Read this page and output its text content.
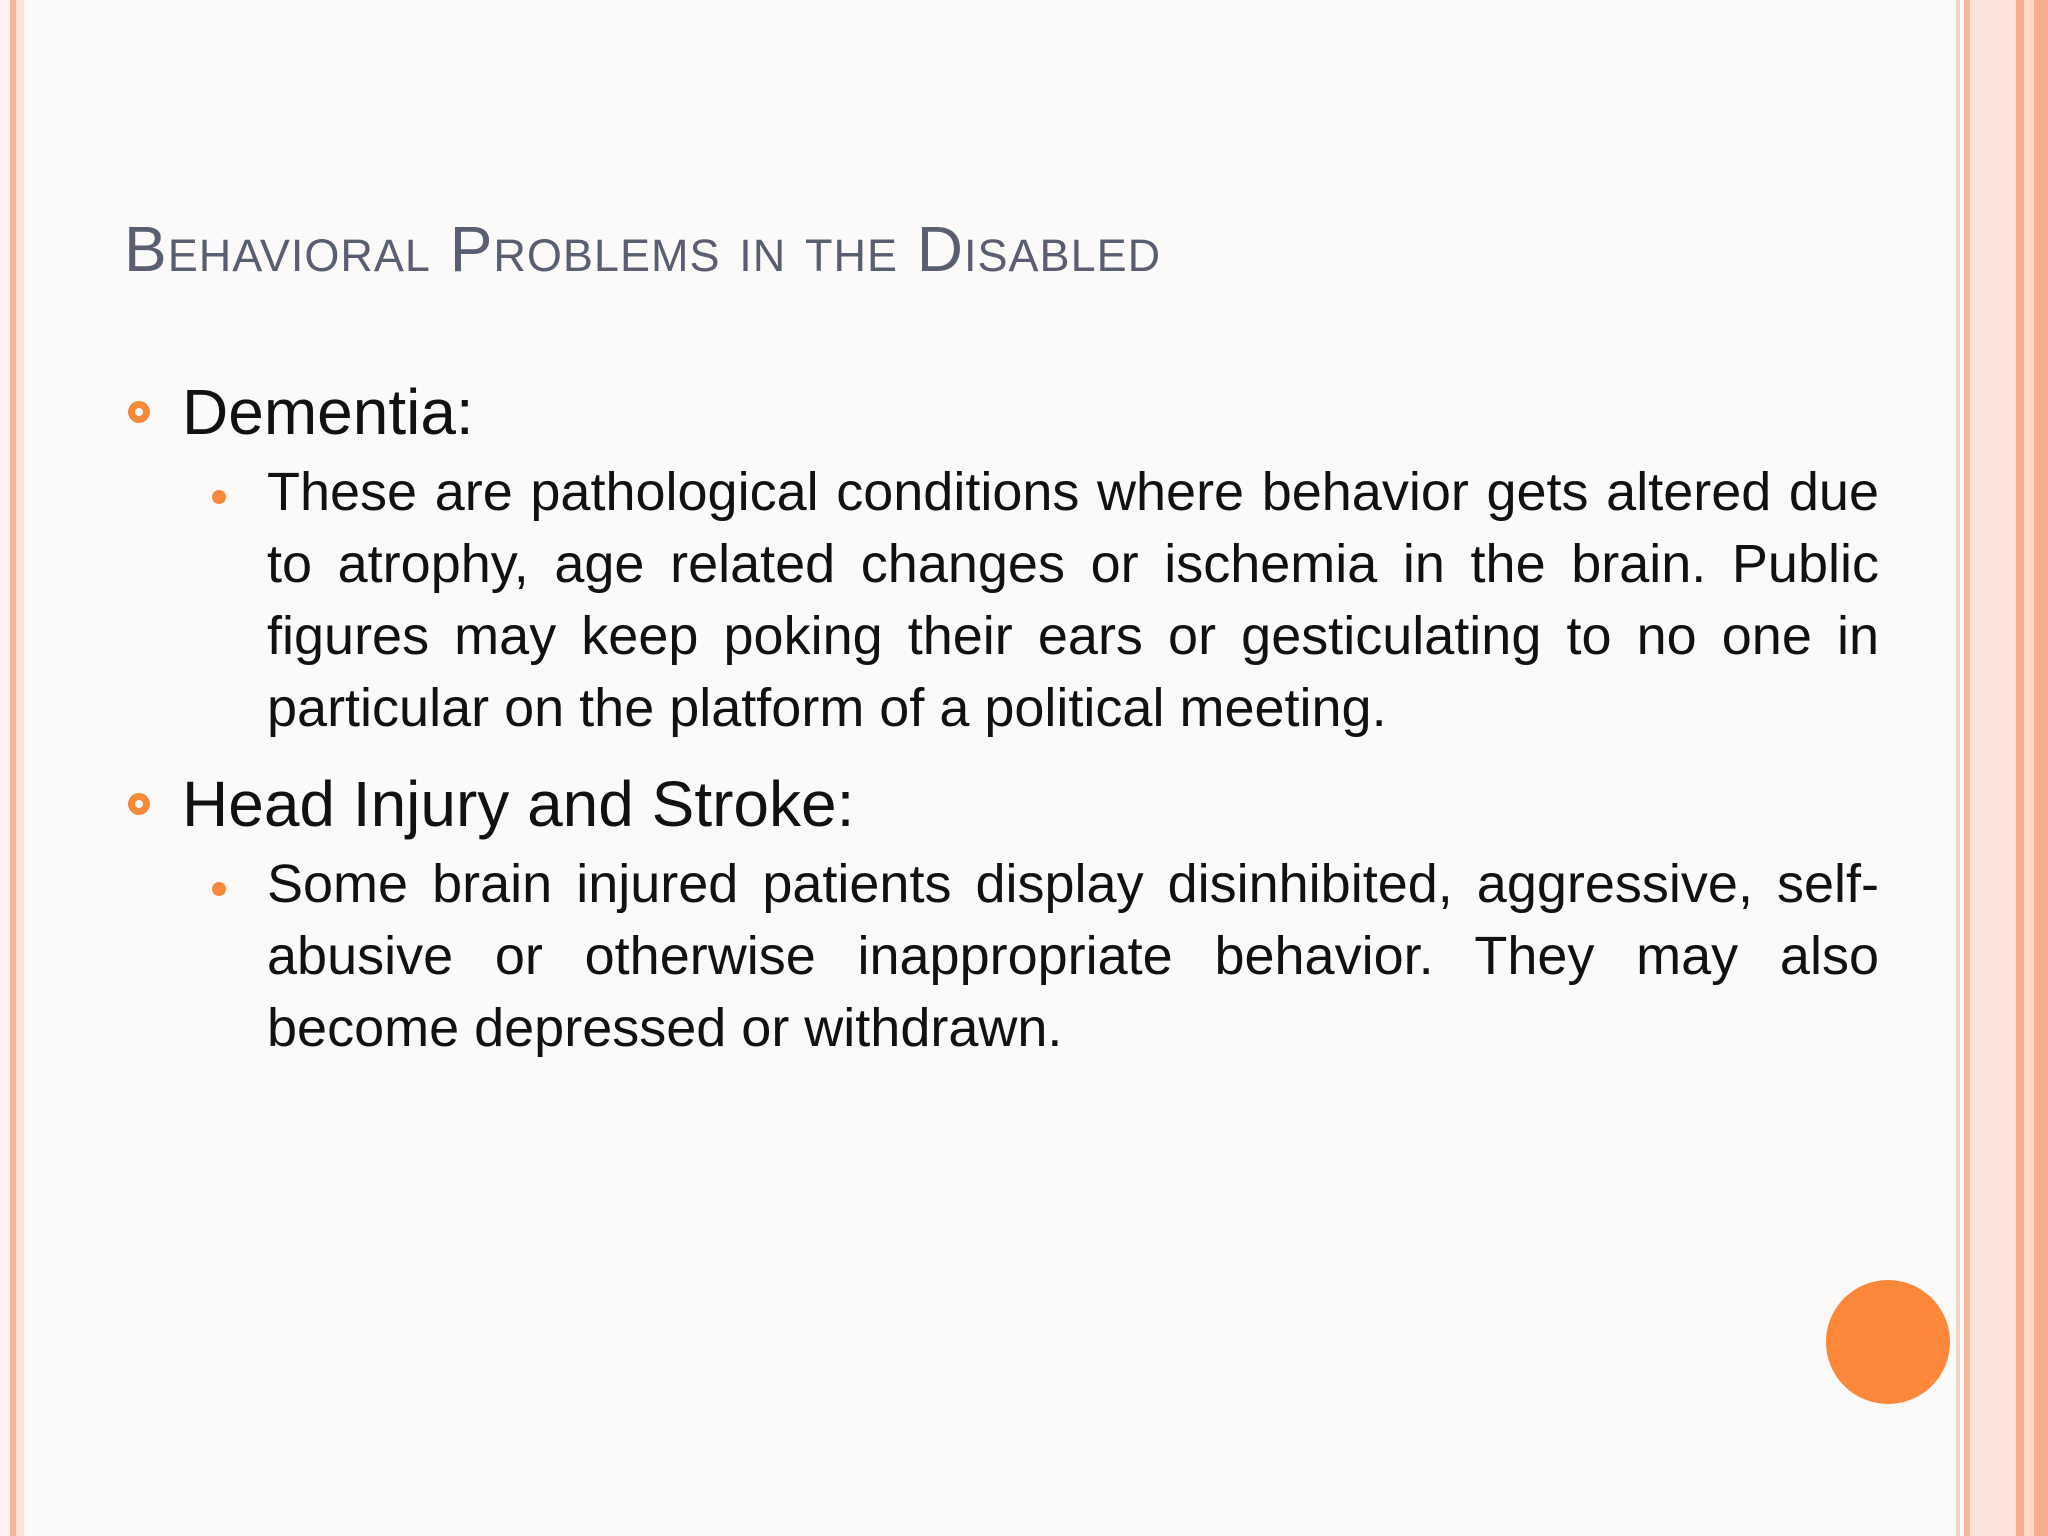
Behavioral Problems in the Disabled
Dementia:

These are pathological conditions where behavior gets altered due to atrophy, age related changes or ischemia in the brain. Public figures may keep poking their ears or gesticulating to no one in particular on the platform of a political meeting.

Head Injury and Stroke:

Some brain injured patients display disinhibited, aggressive, self-abusive or otherwise inappropriate behavior. They may also become depressed or withdrawn.
